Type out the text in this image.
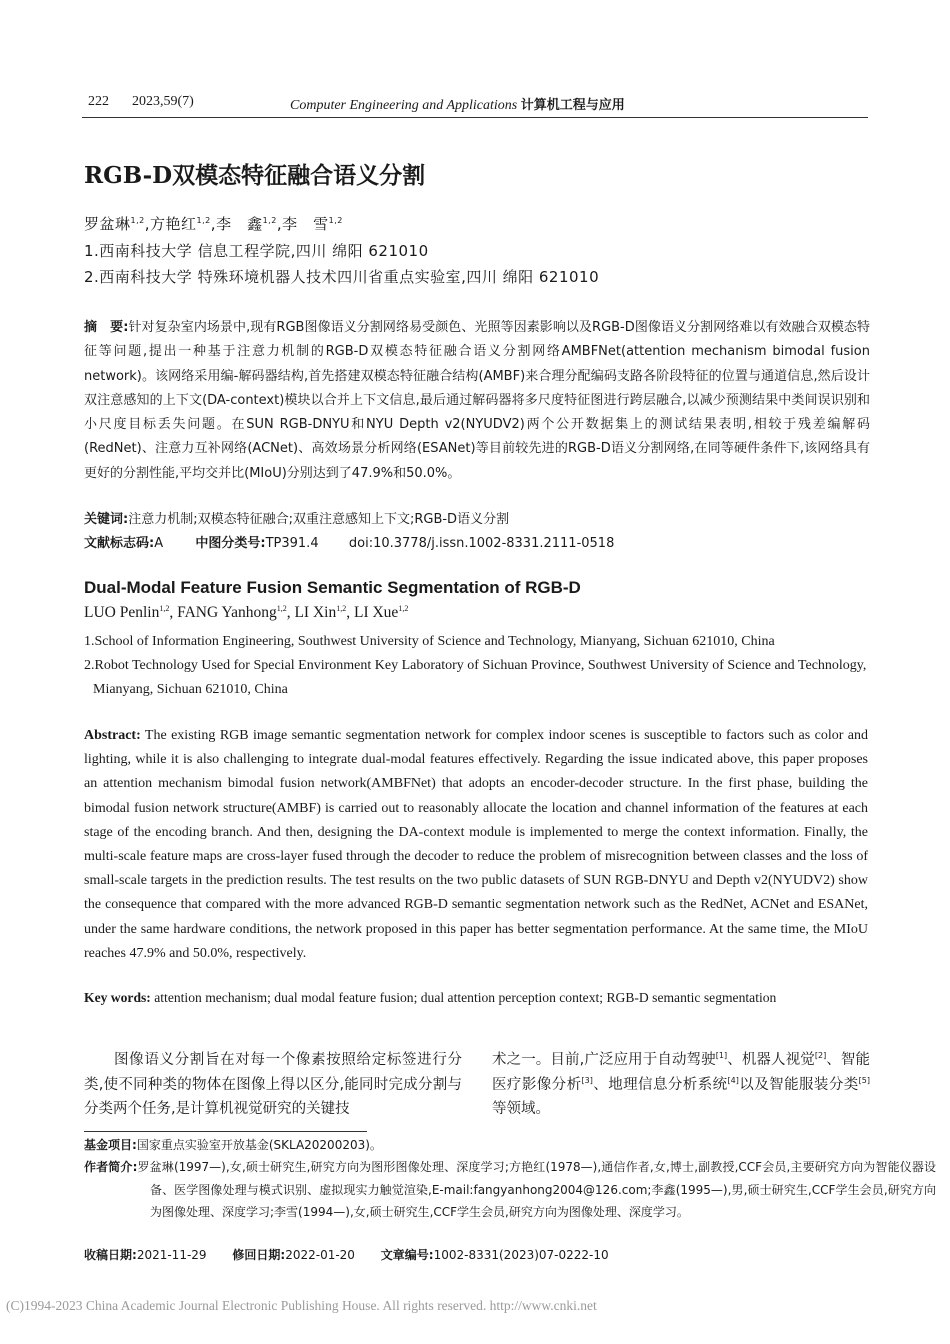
222 2023,59(7)	Computer Engineering and Applications 计算机工程与应用
RGB-D双模态特征融合语义分割
罗盆琳$^{1,2}$,方艳红$^{1,2}$,李　鑫$^{1,2}$,李　雪$^{1,2}$
1.西南科技大学 信息工程学院,四川 绵阳 621010
2.西南科技大学 特殊环境机器人技术四川省重点实验室,四川 绵阳 621010
摘　要:针对复杂室内场景中,现有RGB图像语义分割网络易受颜色、光照等因素影响以及RGB-D图像语义分割网络难以有效融合双模态特征等问题,提出一种基于注意力机制的RGB-D双模态特征融合语义分割网络AMBFNet(attention mechanism bimodal fusion network)。该网络采用编-解码器结构,首先搭建双模态特征融合结构(AMBF)来合理分配编码支路各阶段特征的位置与通道信息,然后设计双注意感知的上下文(DA-context)模块以合并上下文信息,最后通过解码器将多尺度特征图进行跨层融合,以减少预测结果中类间误识别和小尺度目标丢失问题。在SUN RGB-DNYU和NYU Depth v2(NYUDV2)两个公开数据集上的测试结果表明,相较于残差编解码(RedNet)、注意力互补网络(ACNet)、高效场景分析网络(ESANet)等目前较先进的RGB-D语义分割网络,在同等硬件条件下,该网络具有更好的分割性能,平均交并比(MIoU)分别达到了47.9%和50.0%。
关键词:注意力机制;双模态特征融合;双重注意感知上下文;RGB-D语义分割
文献标志码:A 中图分类号:TP391.4 doi:10.3778/j.issn.1002-8331.2111-0518
Dual-Modal Feature Fusion Semantic Segmentation of RGB-D
LUO Penlin$^{1,2}$, FANG Yanhong$^{1,2}$, LI Xin$^{1,2}$, LI Xue$^{1,2}$
1.School of Information Engineering, Southwest University of Science and Technology, Mianyang, Sichuan 621010, China
2.Robot Technology Used for Special Environment Key Laboratory of Sichuan Province, Southwest University of Science and Technology, Mianyang, Sichuan 621010, China
Abstract: The existing RGB image semantic segmentation network for complex indoor scenes is susceptible to factors such as color and lighting, while it is also challenging to integrate dual-modal features effectively. Regarding the issue indicated above, this paper proposes an attention mechanism bimodal fusion network(AMBFNet) that adopts an encoder-decoder structure. In the first phase, building the bimodal fusion network structure(AMBF) is carried out to reasonably allocate the location and channel information of the features at each stage of the encoding branch. And then, designing the DA-context module is implemented to merge the context information. Finally, the multi-scale feature maps are cross-layer fused through the decoder to reduce the problem of misrecognition between classes and the loss of small-scale targets in the prediction results. The test results on the two public datasets of SUN RGB-DNYU and Depth v2(NYUDV2) show the consequence that compared with the more advanced RGB-D semantic segmentation network such as the RedNet, ACNet and ESANet, under the same hardware conditions, the network proposed in this paper has better segmentation performance. At the same time, the MIoU reaches 47.9% and 50.0%, respectively.
Key words: attention mechanism; dual modal feature fusion; dual attention perception context; RGB-D semantic segmentation
图像语义分割旨在对每一个像素按照给定标签进行分类,使不同种类的物体在图像上得以区分,能同时完成分割与分类两个任务,是计算机视觉研究的关键技
术之一。目前,广泛应用于自动驾驶[1]、机器人视觉[2]、智能医疗影像分析[3]、地理信息分析系统[4]以及智能服装分类[5]等领域。
基金项目:国家重点实验室开放基金(SKLA20200203)。
作者简介:罗盆琳(1997—),女,硕士研究生,研究方向为图形图像处理、深度学习;方艳红(1978—),通信作者,女,博士,副教授,CCF会员,主要研究方向为智能仪器设备、医学图像处理与模式识别、虚拟现实力触觉渲染,E-mail:fangyanhong2004@126.com;李鑫(1995—),男,硕士研究生,CCF学生会员,研究方向为图像处理、深度学习;李雪(1994—),女,硕士研究生,CCF学生会员,研究方向为图像处理、深度学习。
收稿日期:2021-11-29 修回日期:2022-01-20 文章编号:1002-8331(2023)07-0222-10
(C)1994-2023 China Academic Journal Electronic Publishing House. All rights reserved. http://www.cnki.net
